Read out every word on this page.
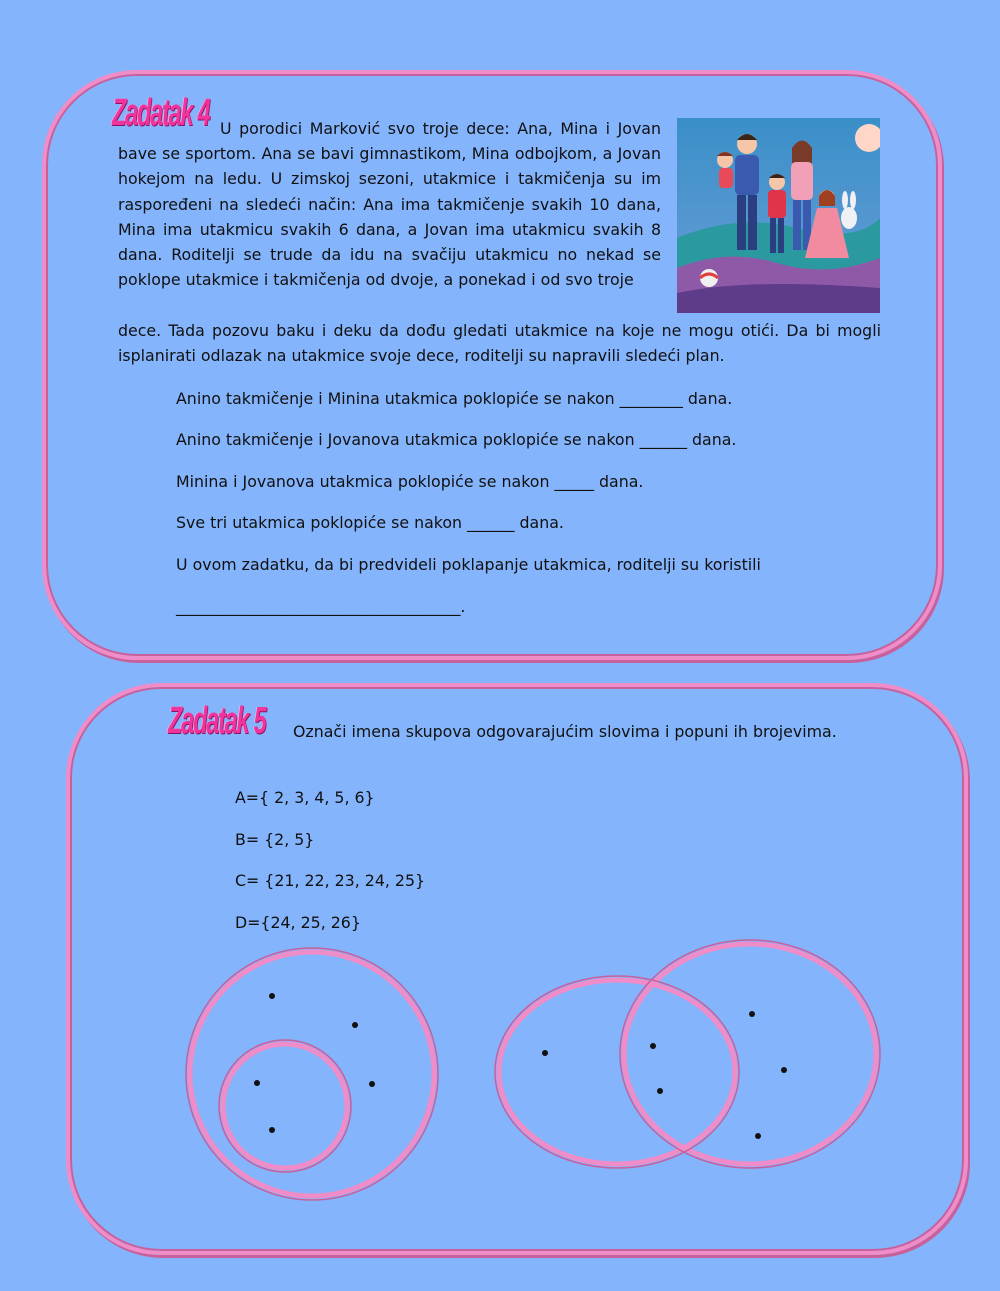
Zadatak 4 U porodici Marković svo troje dece: Ana, Mina i Jovan bave se sportom. Ana se bavi gimnastikom, Mina odbojkom, a Jovan hokejom na ledu. U zimskoj sezoni, utakmice i takmičenja su im raspoređeni na sledeći način: Ana ima takmičenje svakih 10 dana, Mina ima utakmicu svakih 6 dana, a Jovan ima utakmicu svakih 8 dana. Roditelji se trude da idu na svačiju utakmicu no nekad se poklope utakmice i takmičenja od dvoje, a ponekad i od svo troje

dece. Tada pozovu baku i deku da dođu gledati utakmice na koje ne mogu otići. Da bi mogli isplanirati odlazak na utakmice svoje dece, roditelji su napravili sledeći plan.

Anino takmičenje i Minina utakmica poklopiće se nakon ________ dana.

Anino takmičenje i Jovanova utakmica poklopiće se nakon ______ dana.

Minina i Jovanova utakmica poklopiće se nakon _____ dana.

Sve tri utakmica poklopiće se nakon ______ dana.

U ovom zadatku, da bi predvideli poklapanje utakmica, roditelji su koristili

____________________________________.

Zadatak 5	Označi imena skupova odgovarajućim slovima i popuni ih brojevima.

A={ 2, 3, 4, 5, 6}

B= {2, 5}

C= {21, 22, 23, 24, 25}

D={24, 25, 26}
